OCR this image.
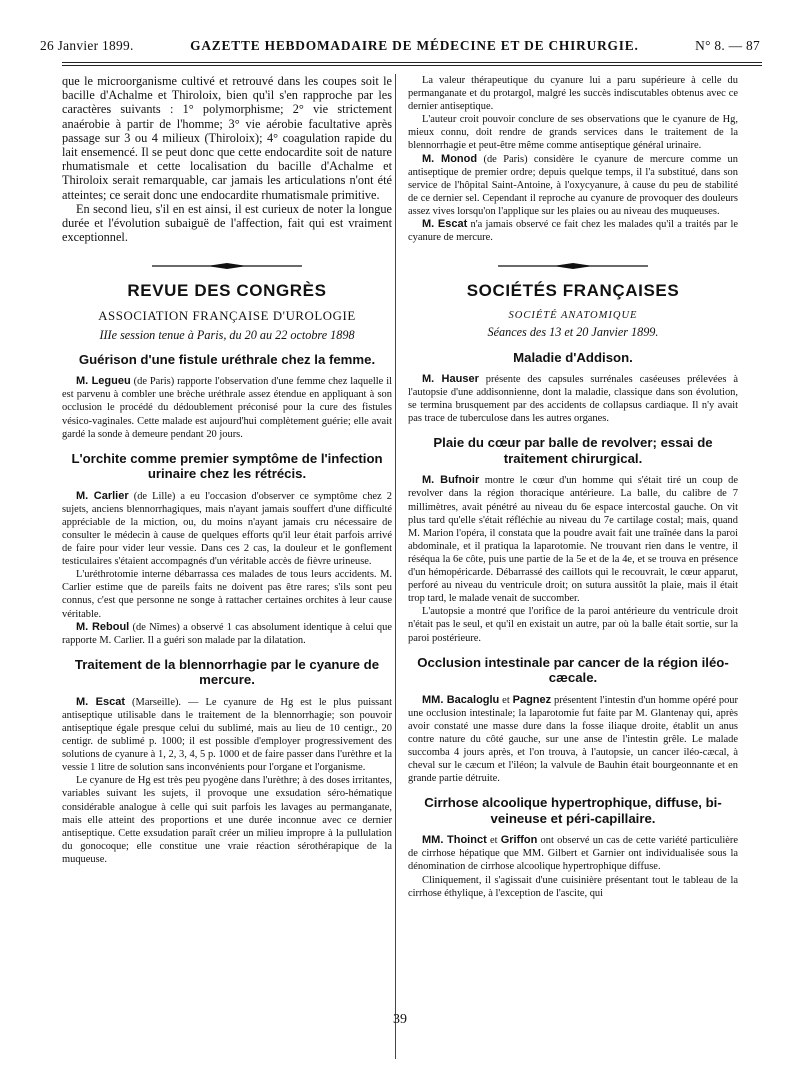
26 Janvier 1899.	GAZETTE HEBDOMADAIRE DE MÉDECINE ET DE CHIRURGIE.	N° 8. — 87

que le microorganisme cultivé et retrouvé dans les coupes soit le bacille d'Achalme et Thiroloix, bien qu'il s'en rapproche par les caractères suivants : 1° polymorphisme; 2° vie strictement anaérobie à partir de l'homme; 3° vie aérobie facultative après passage sur 3 ou 4 milieux (Thiroloix); 4° coagulation rapide du lait ensemencé. Il se peut donc que cette endocardite soit de nature rhumatismale et cette localisation du bacille d'Achalme et Thiroloix serait remarquable, car jamais les articulations n'ont été atteintes; ce serait donc une endocardite rhumatismale primitive.

En second lieu, s'il en est ainsi, il est curieux de noter la longue durée et l'évolution subaiguë de l'affection, fait qui est vraiment exceptionnel.

REVUE DES CONGRÈS
ASSOCIATION FRANÇAISE D'UROLOGIE
IIIe session tenue à Paris, du 20 au 22 octobre 1898
Guérison d'une fistule uréthrale chez la femme.

M. Legueu (de Paris) rapporte l'observation d'une femme chez laquelle il est parvenu à combler une brèche uréthrale assez étendue en appliquant à son occlusion le procédé du dédoublement préconisé pour la cure des fistules vésico-vaginales. Cette malade est aujourd'hui complètement guérie; elle avait gardé la sonde à demeure pendant 20 jours.

L'orchite comme premier symptôme de l'infection urinaire chez les rétrécis.

M. Carlier (de Lille) a eu l'occasion d'observer ce symptôme chez 2 sujets, anciens blennorrhagiques, mais n'ayant jamais souffert d'une difficulté appréciable de la miction, ou, du moins n'ayant jamais cru nécessaire de consulter le médecin à cause de quelques efforts qu'il leur était parfois arrivé de faire pour vider leur vessie. Dans ces 2 cas, la douleur et le gonflement testiculaires s'étaient accompagnés d'un véritable accès de fièvre urineuse.

L'uréthrotomie interne débarrassa ces malades de tous leurs accidents. M. Carlier estime que de pareils faits ne doivent pas être rares; s'ils sont peu connus, c'est que personne ne songe à rattacher certaines orchites à leur cause véritable.

M. Reboul (de Nîmes) a observé 1 cas absolument identique à celui que rapporte M. Carlier. Il a guéri son malade par la dilatation.

Traitement de la blennorrhagie par le cyanure de mercure.

M. Escat (Marseille). — Le cyanure de Hg est le plus puissant antiseptique utilisable dans le traitement de la blennorrhagie; son pouvoir antiseptique égale presque celui du sublimé, mais au lieu de 10 centigr., 20 centigr. de sublimé p. 1000; il est possible d'employer progressivement des solutions de cyanure à 1, 2, 3, 4, 5 p. 1000 et de faire passer dans l'urèthre et la vessie 1 litre de solution sans inconvénients pour l'organe et l'organisme.

Le cyanure de Hg est très peu pyogène dans l'urèthre; à des doses irritantes, variables suivant les sujets, il provoque une exsudation séro-hématique considérable analogue à celle qui suit parfois les lavages au permanganate, mais elle atteint des proportions et une durée inconnue avec ce dernier antiseptique. Cette exsudation paraît créer un milieu impropre à la pullulation du gonocoque; elle constitue une vraie réaction sérothérapique de la muqueuse.

La valeur thérapeutique du cyanure lui a paru supérieure à celle du permanganate et du protargol, malgré les succès indiscutables obtenus avec ce dernier antiseptique.

L'auteur croit pouvoir conclure de ses observations que le cyanure de Hg, mieux connu, doit rendre de grands services dans le traitement de la blennorrhagie et peut-être même comme antiseptique général urinaire.

M. Monod (de Paris) considère le cyanure de mercure comme un antiseptique de premier ordre; depuis quelque temps, il l'a substitué, dans son service de l'hôpital Saint-Antoine, à l'oxycyanure, à cause du peu de stabilité de ce dernier sel. Cependant il reproche au cyanure de provoquer des douleurs assez vives lorsqu'on l'applique sur les plaies ou au niveau des muqueuses.

M. Escat n'a jamais observé ce fait chez les malades qu'il a traités par le cyanure de mercure.

SOCIÉTÉS FRANÇAISES
SOCIÉTÉ ANATOMIQUE
Séances des 13 et 20 Janvier 1899.
Maladie d'Addison.

M. Hauser présente des capsules surrénales caséeuses prélevées à l'autopsie d'une addisonnienne, dont la maladie, classique dans son évolution, se termina brusquement par des accidents de collapsus cardiaque. Il n'y avait pas trace de tuberculose dans les autres organes.

Plaie du cœur par balle de revolver; essai de traitement chirurgical.

M. Bufnoir montre le cœur d'un homme qui s'était tiré un coup de revolver dans la région thoracique antérieure. La balle, du calibre de 7 millimètres, avait pénétré au niveau du 6e espace intercostal gauche. On vit plus tard qu'elle s'était réfléchie au niveau du 7e cartilage costal; mais, quand M. Marion l'opéra, il constata que la poudre avait fait une traînée dans la paroi abdominale, et il pratiqua la laparotomie. Ne trouvant rien dans le ventre, il réséqua la 6e côte, puis une partie de la 5e et de la 4e, et se trouva en présence d'un hémopéricarde. Débarrassé des caillots qui le recouvrait, le cœur apparut, perforé au niveau du ventricule droit; on sutura aussitôt la plaie, mais il était trop tard, le malade venait de succomber.

L'autopsie a montré que l'orifice de la paroi antérieure du ventricule droit n'était pas le seul, et qu'il en existait un autre, par où la balle était sortie, sur la paroi postérieure.

Occlusion intestinale par cancer de la région iléo-cæcale.

MM. Bacaloglu et Pagnez présentent l'intestin d'un homme opéré pour une occlusion intestinale; la laparotomie fut faite par M. Glantenay qui, après avoir constaté une masse dure dans la fosse iliaque droite, établit un anus contre nature du côté gauche, sur une anse de l'intestin grêle. Le malade succomba 4 jours après, et l'on trouva, à l'autopsie, un cancer iléo-cæcal, à cheval sur le cæcum et l'iléon; la valvule de Bauhin était bourgeonnante et en grande partie détruite.

Cirrhose alcoolique hypertrophique, diffuse, bi-veineuse et péri-capillaire.

MM. Thoinct et Griffon ont observé un cas de cette variété particulière de cirrhose hépatique que MM. Gilbert et Garnier ont individualisée sous la dénomination de cirrhose alcoolique hypertrophique diffuse.

Cliniquement, il s'agissait d'une cuisinière présentant tout le tableau de la cirrhose éthylique, à l'exception de l'ascite, qui

39
